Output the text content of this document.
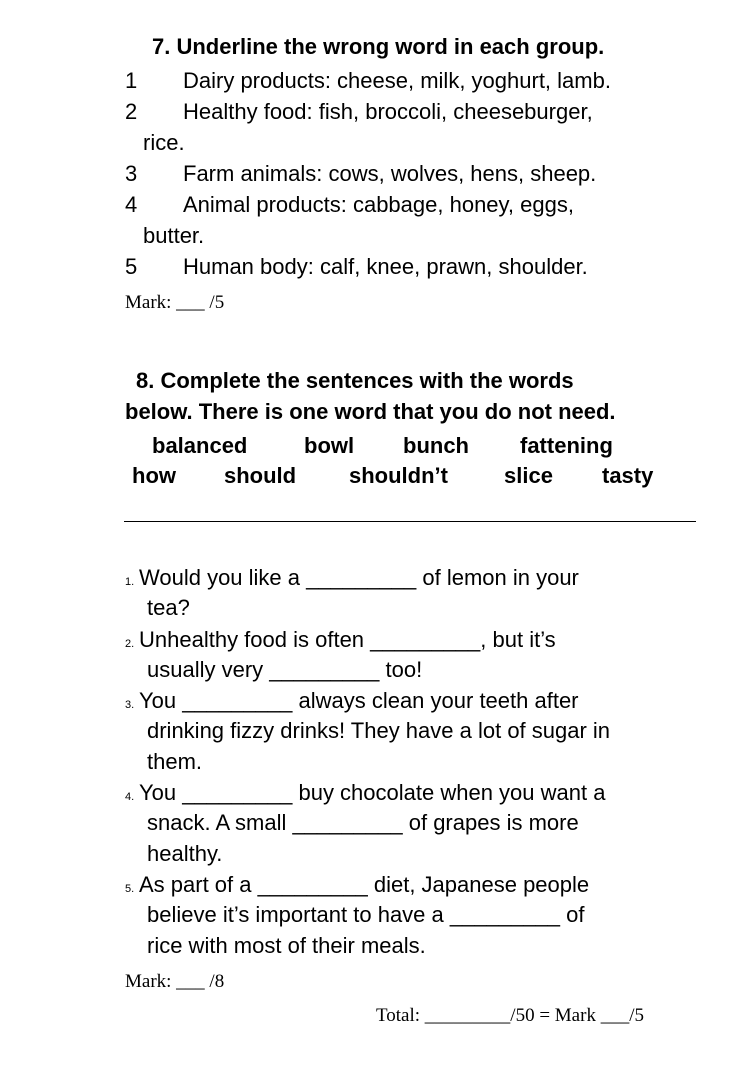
7. Underline the wrong word in each group.
1 Dairy products: cheese, milk, yoghurt, lamb.
2 Healthy food: fish, broccoli, cheeseburger,
rice.
3 Farm animals: cows, wolves, hens, sheep.
4 Animal products: cabbage, honey, eggs,
butter.
5 Human body: calf, knee, prawn, shoulder.
Mark: ___ /5
8. Complete the sentences with the words
below. There is one word that you do not need.
balanced	bowl bunch fattening
how should shouldn’t	slice tasty
1. Would you like a _________ of lemon in your
tea?
2. Unhealthy food is often _________, but it’s
usually very _________ too!
3. You _________ always clean your teeth after
drinking fizzy drinks! They have a lot of sugar in
them.
4. You _________ buy chocolate when you want a
snack. A small _________ of grapes is more
healthy.
5. As part of a _________ diet, Japanese people
believe it’s important to have a _________ of
rice with most of their meals.
Mark: ___ /8
Total: _________/50 = Mark ___/5
